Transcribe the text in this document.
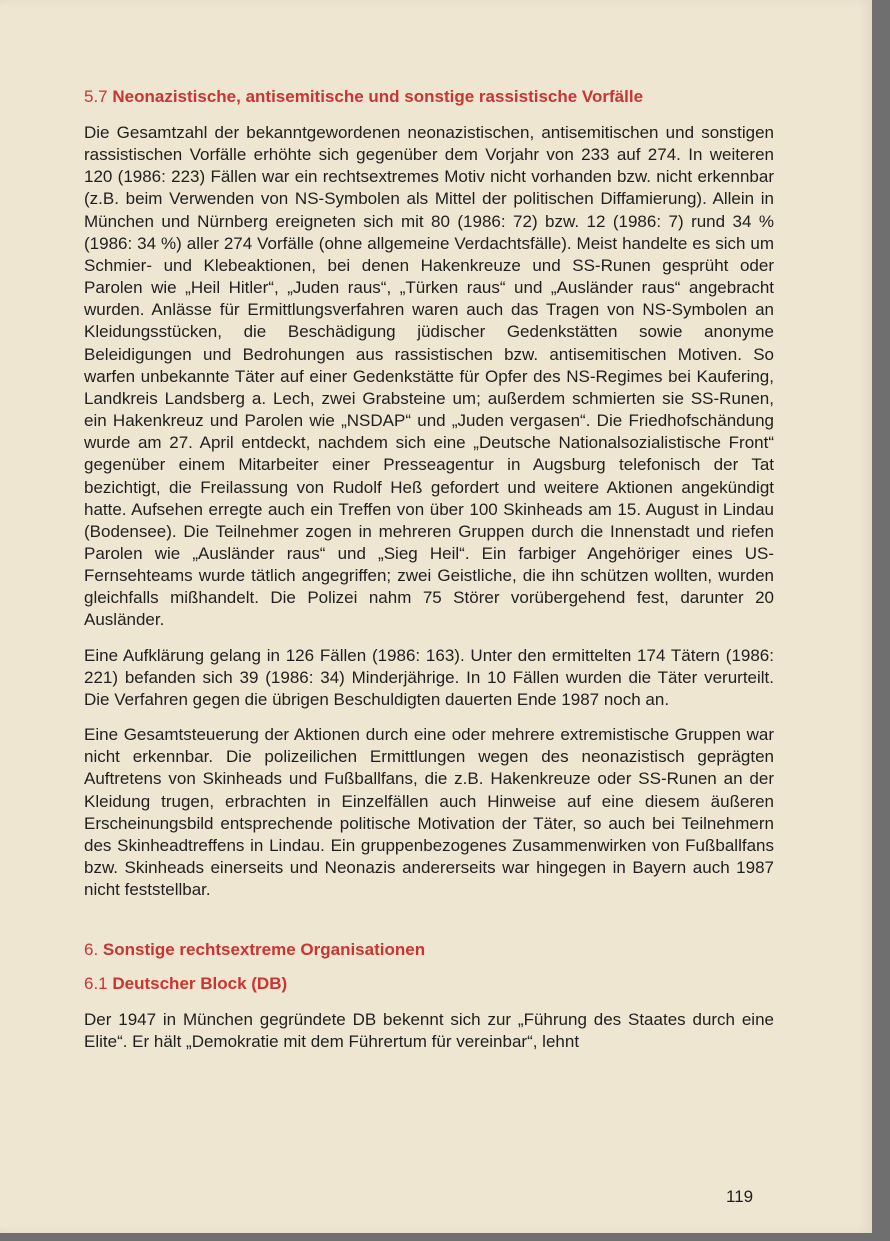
5.7 Neonazistische, antisemitische und sonstige rassistische Vorfälle

Die Gesamtzahl der bekanntgewordenen neonazistischen, antisemitischen und sonstigen rassistischen Vorfälle erhöhte sich gegenüber dem Vorjahr von 233 auf 274. In weiteren 120 (1986: 223) Fällen war ein rechtsextremes Motiv nicht vorhanden bzw. nicht erkennbar (z.B. beim Verwenden von NS-Symbolen als Mittel der politischen Diffamierung). Allein in München und Nürnberg ereigneten sich mit 80 (1986: 72) bzw. 12 (1986: 7) rund 34 % (1986: 34 %) aller 274 Vorfälle (ohne allgemeine Verdachtsfälle). Meist handelte es sich um Schmier- und Klebeaktionen, bei denen Hakenkreuze und SS-Runen gesprüht oder Parolen wie „Heil Hitler“, „Juden raus“, „Türken raus“ und „Ausländer raus“ angebracht wurden. Anlässe für Ermittlungsverfahren waren auch das Tragen von NS-Symbolen an Kleidungsstücken, die Beschädigung jüdischer Gedenkstätten sowie anonyme Beleidigungen und Bedrohungen aus rassistischen bzw. antisemitischen Motiven. So warfen unbekannte Täter auf einer Gedenkstätte für Opfer des NS-Regimes bei Kaufering, Landkreis Landsberg a. Lech, zwei Grabsteine um; außerdem schmierten sie SS-Runen, ein Hakenkreuz und Parolen wie „NSDAP“ und „Juden vergasen“. Die Friedhofschändung wurde am 27. April entdeckt, nachdem sich eine „Deutsche Nationalsozialistische Front“ gegenüber einem Mitarbeiter einer Presseagentur in Augsburg telefonisch der Tat bezichtigt, die Freilassung von Rudolf Heß gefordert und weitere Aktionen angekündigt hatte. Aufsehen erregte auch ein Treffen von über 100 Skinheads am 15. August in Lindau (Bodensee). Die Teilnehmer zogen in mehreren Gruppen durch die Innenstadt und riefen Parolen wie „Ausländer raus“ und „Sieg Heil“. Ein farbiger Angehöriger eines US-Fernsehteams wurde tätlich angegriffen; zwei Geistliche, die ihn schützen wollten, wurden gleichfalls mißhandelt. Die Polizei nahm 75 Störer vorübergehend fest, darunter 20 Ausländer.

Eine Aufklärung gelang in 126 Fällen (1986: 163). Unter den ermittelten 174 Tätern (1986: 221) befanden sich 39 (1986: 34) Minderjährige. In 10 Fällen wurden die Täter verurteilt. Die Verfahren gegen die übrigen Beschuldigten dauerten Ende 1987 noch an.

Eine Gesamtsteuerung der Aktionen durch eine oder mehrere extremistische Gruppen war nicht erkennbar. Die polizeilichen Ermittlungen wegen des neonazistisch geprägten Auftretens von Skinheads und Fußballfans, die z.B. Hakenkreuze oder SS-Runen an der Kleidung trugen, erbrachten in Einzelfällen auch Hinweise auf eine diesem äußeren Erscheinungsbild entsprechende politische Motivation der Täter, so auch bei Teilnehmern des Skinheadtreffens in Lindau. Ein gruppenbezogenes Zusammenwirken von Fußballfans bzw. Skinheads einerseits und Neonazis andererseits war hingegen in Bayern auch 1987 nicht feststellbar.

6. Sonstige rechtsextreme Organisationen
6.1 Deutscher Block (DB)

Der 1947 in München gegründete DB bekennt sich zur „Führung des Staates durch eine Elite“. Er hält „Demokratie mit dem Führertum für vereinbar“, lehnt

119
